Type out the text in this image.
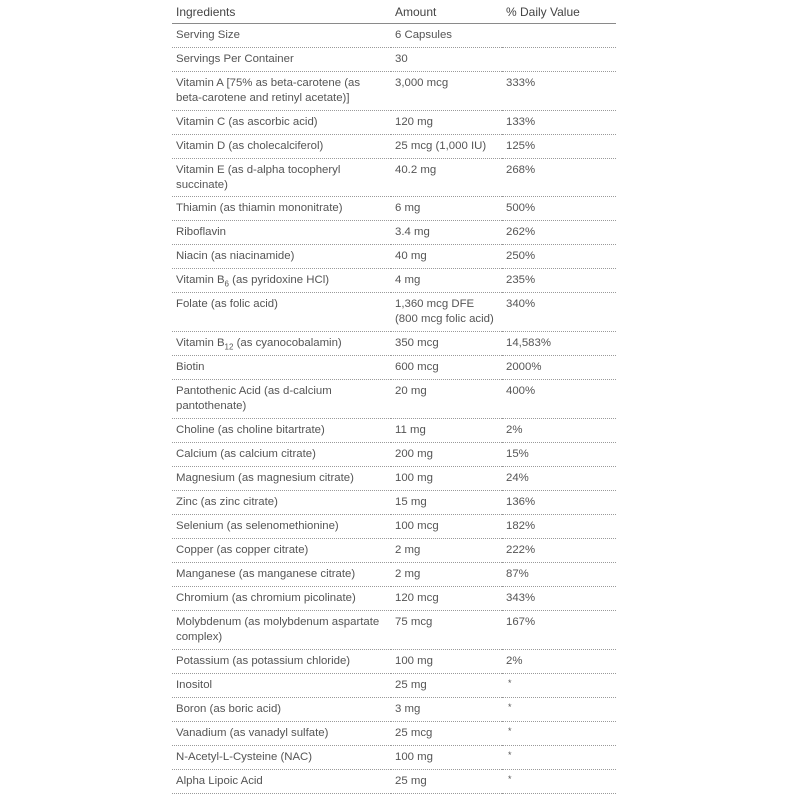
Ingredients	Amount	% Daily Value
Serving Size	6 Capsules	
Servings Per Container	30	
Vitamin A [75% as beta-carotene (as beta-carotene and retinyl acetate)]	3,000 mcg	333%
Vitamin C (as ascorbic acid)	120 mg	133%
Vitamin D (as cholecalciferol)	25 mcg (1,000 IU)	125%
Vitamin E (as d-alpha tocopheryl succinate)	40.2 mg	268%
Thiamin (as thiamin mononitrate)	6 mg	500%
Riboflavin	3.4 mg	262%
Niacin (as niacinamide)	40 mg	250%
Vitamin $B_6$ (as pyridoxine HCl)	4 mg	235%
Folate (as folic acid)	1,360 mcg DFE (800 mcg folic acid)	340%
Vitamin $B_{12}$ (as cyanocobalamin)	350 mcg	14,583%
Biotin	600 mcg	2000%
Pantothenic Acid (as d-calcium pantothenate)	20 mg	400%
Choline (as choline bitartrate)	11 mg	2%
Calcium (as calcium citrate)	200 mg	15%
Magnesium (as magnesium citrate)	100 mg	24%
Zinc (as zinc citrate)	15 mg	136%
Selenium (as selenomethionine)	100 mcg	182%
Copper (as copper citrate)	2 mg	222%
Manganese (as manganese citrate)	2 mg	87%
Chromium (as chromium picolinate)	120 mcg	343%
Molybdenum (as molybdenum aspartate complex)	75 mcg	167%
Potassium (as potassium chloride)	100 mg	2%
Inositol	25 mg	*
Boron (as boric acid)	3 mg	*
Vanadium (as vanadyl sulfate)	25 mcg	*
N-Acetyl-L-Cysteine (NAC)	100 mg	*
Alpha Lipoic Acid	25 mg	*
